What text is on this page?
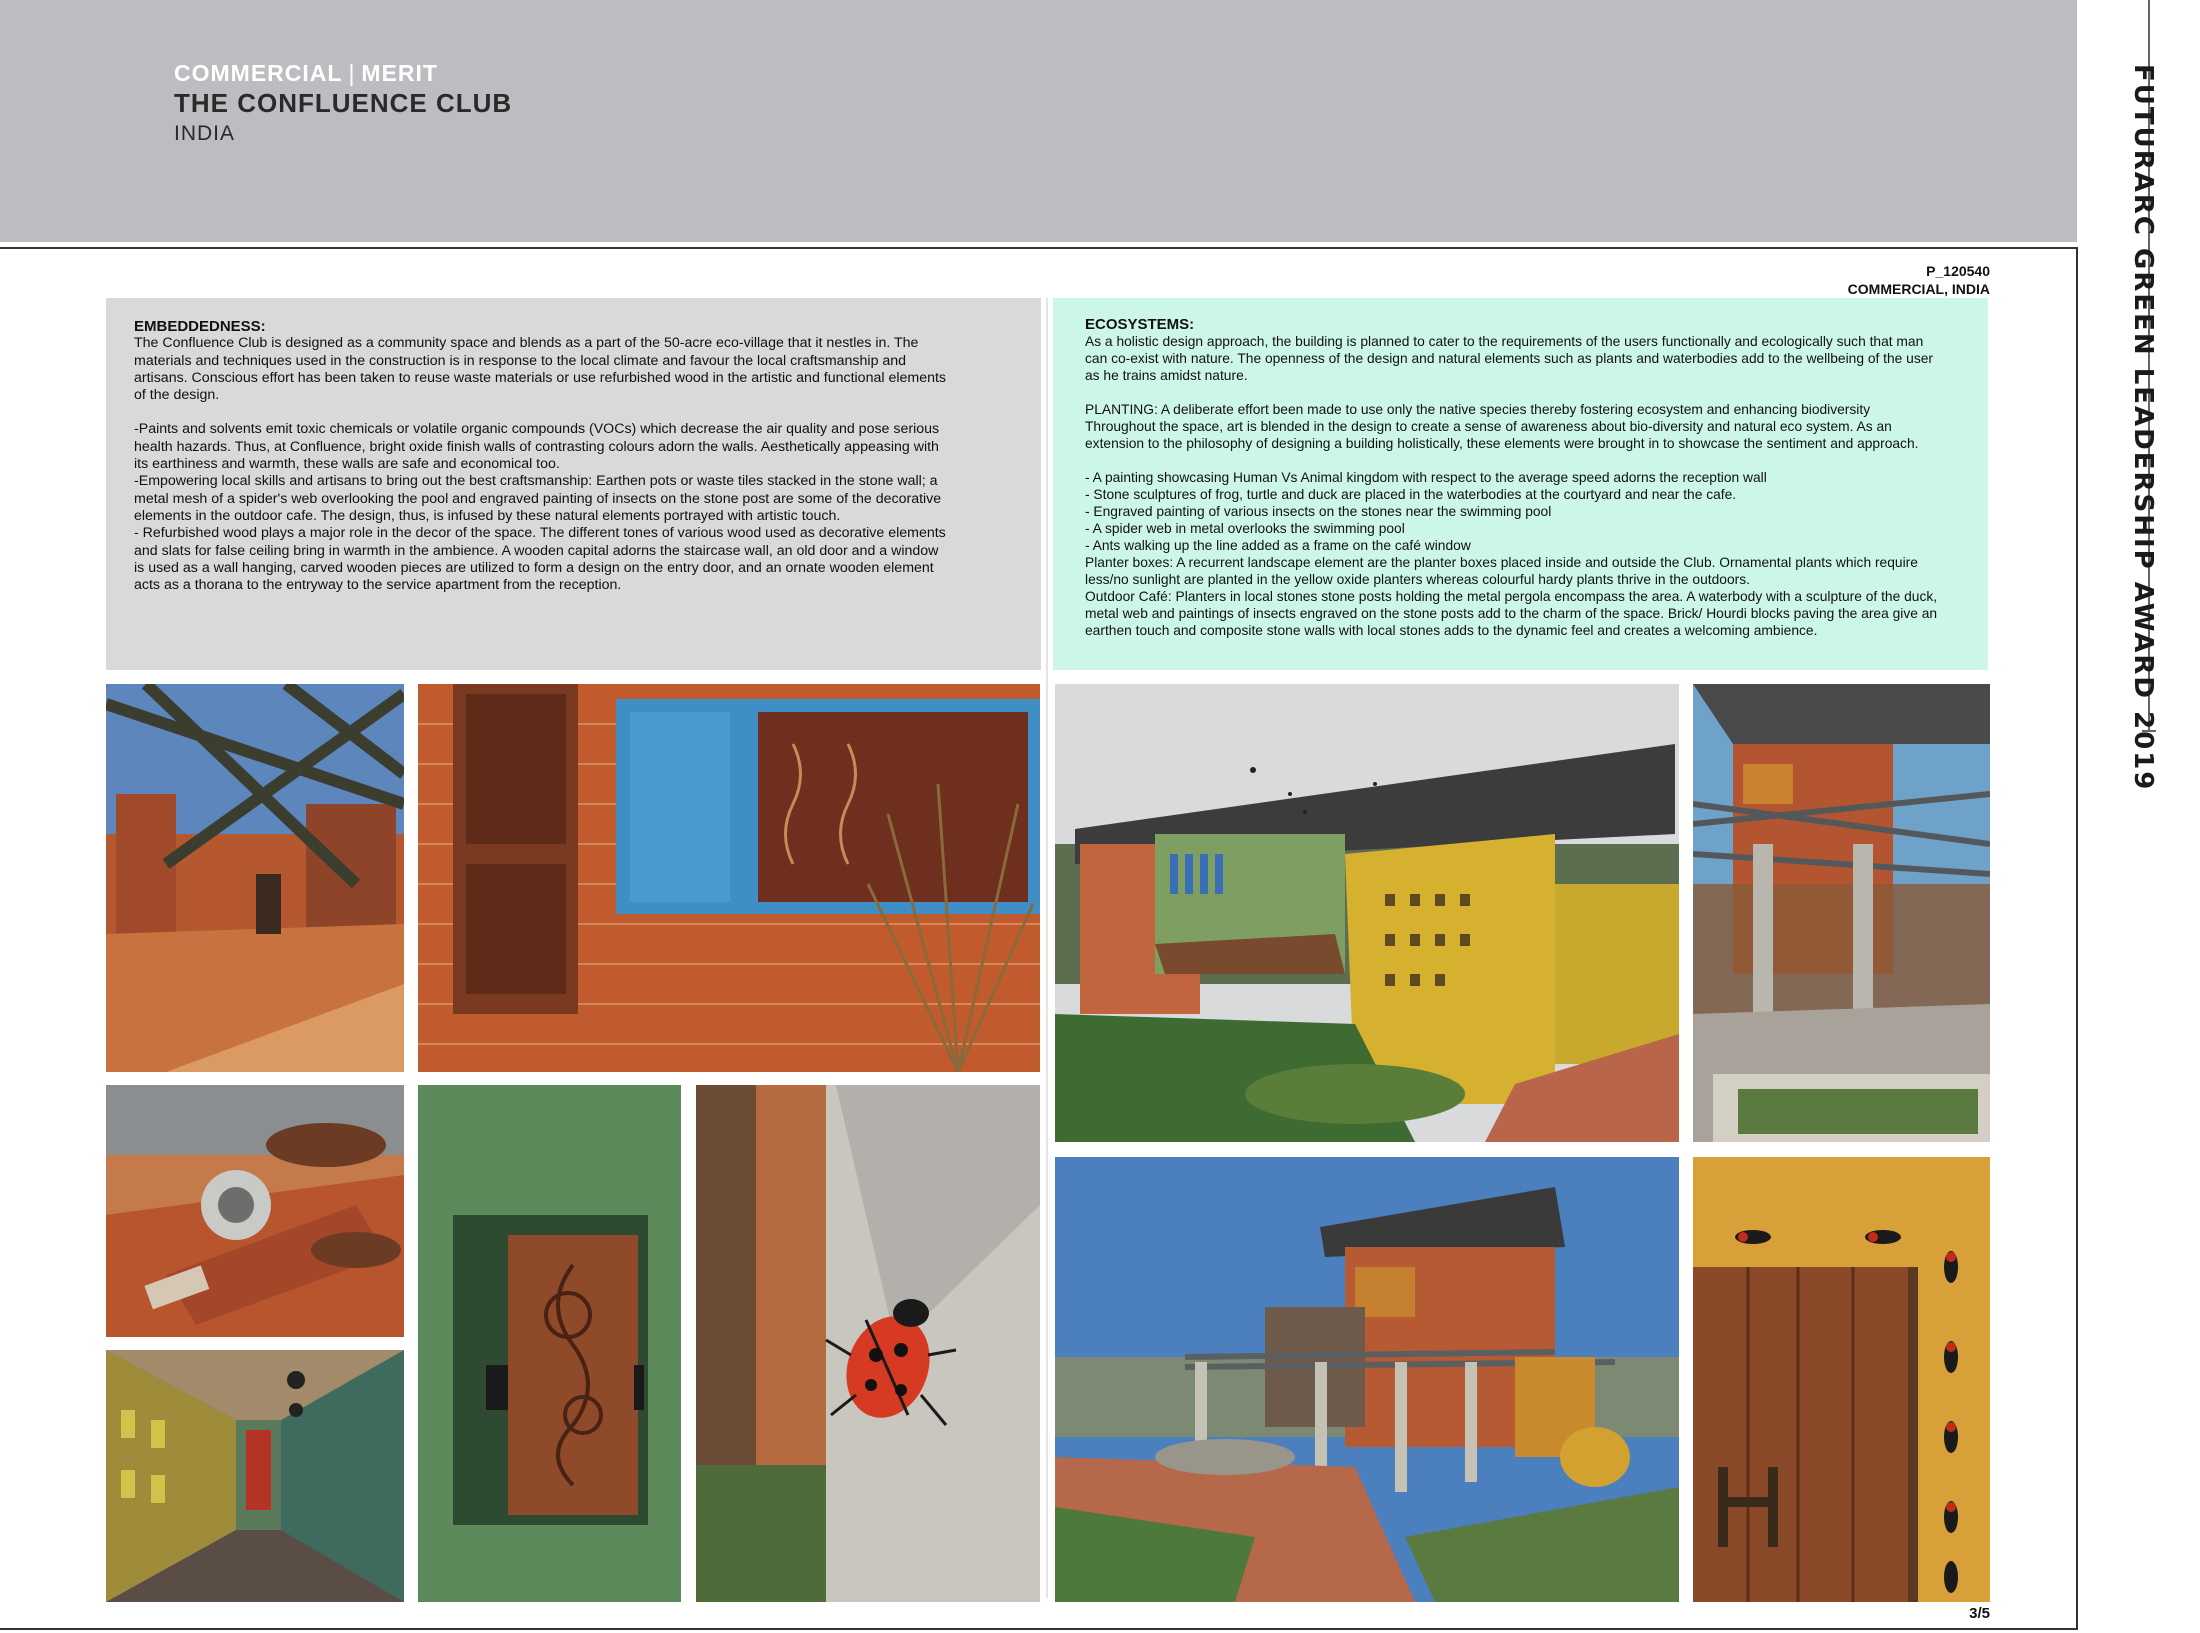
COMMERCIAL | MERIT
THE CONFLUENCE CLUB
INDIA	FUTURARC GREEN LEADERSHIP AWARD 2019
P_120540
COMMERCIAL, INDIA
EMBEDDEDNESS:
The Confluence Club is designed as a community space and blends as a part of the 50-acre eco-village that it nestles in. The
materials and techniques used in the construction is in response to the local climate and favour the local craftsmanship and
artisans. Conscious effort has been taken to reuse waste materials or use refurbished wood in the artistic and functional elements
of the design.
-Paints and solvents emit toxic chemicals or volatile organic compounds (VOCs) which decrease the air quality and pose serious
health hazards. Thus, at Confluence, bright oxide finish walls of contrasting colours adorn the walls. Aesthetically appeasing with
its earthiness and warmth, these walls are safe and economical too.
-Empowering local skills and artisans to bring out the best craftsmanship: Earthen pots or waste tiles stacked in the stone wall; a
metal mesh of a spider's web overlooking the pool and engraved painting of insects on the stone post are some of the decorative
elements in the outdoor cafe. The design, thus, is infused by these natural elements portrayed with artistic touch.
- Refurbished wood plays a major role in the decor of the space. The different tones of various wood used as decorative elements
and slats for false ceiling bring in warmth in the ambience. A wooden capital adorns the staircase wall, an old door and a window
is used as a wall hanging, carved wooden pieces are utilized to form a design on the entry door, and an ornate wooden element
acts as a thorana to the entryway to the service apartment from the reception.
ECOSYSTEMS:
As a holistic design approach, the building is planned to cater to the requirements of the users functionally and ecologically such that man
can co-exist with nature. The openness of the design and natural elements such as plants and waterbodies add to the wellbeing of the user
as he trains amidst nature.
PLANTING: A deliberate effort been made to use only the native species thereby fostering ecosystem and enhancing biodiversity
Throughout the space, art is blended in the design to create a sense of awareness about bio-diversity and natural eco system. As an
extension to the philosophy of designing a building holistically, these elements were brought in to showcase the sentiment and approach.
- A painting showcasing Human Vs Animal kingdom with respect to the average speed adorns the reception wall
- Stone sculptures of frog, turtle and duck are placed in the waterbodies at the courtyard and near the cafe.
- Engraved painting of various insects on the stones near the swimming pool
- A spider web in metal overlooks the swimming pool
- Ants walking up the line added as a frame on the café window
Planter boxes: A recurrent landscape element are the planter boxes placed inside and outside the Club. Ornamental plants which require
less/no sunlight are planted in the yellow oxide planters whereas colourful hardy plants thrive in the outdoors.
Outdoor Café: Planters in local stones stone posts holding the metal pergola encompass the area. A waterbody with a sculpture of the duck,
metal web and paintings of insects engraved on the stone posts add to the charm of the space. Brick/ Hourdi blocks paving the area give an
earthen touch and composite stone walls with local stones adds to the dynamic feel and creates a welcoming ambience.
3/5
